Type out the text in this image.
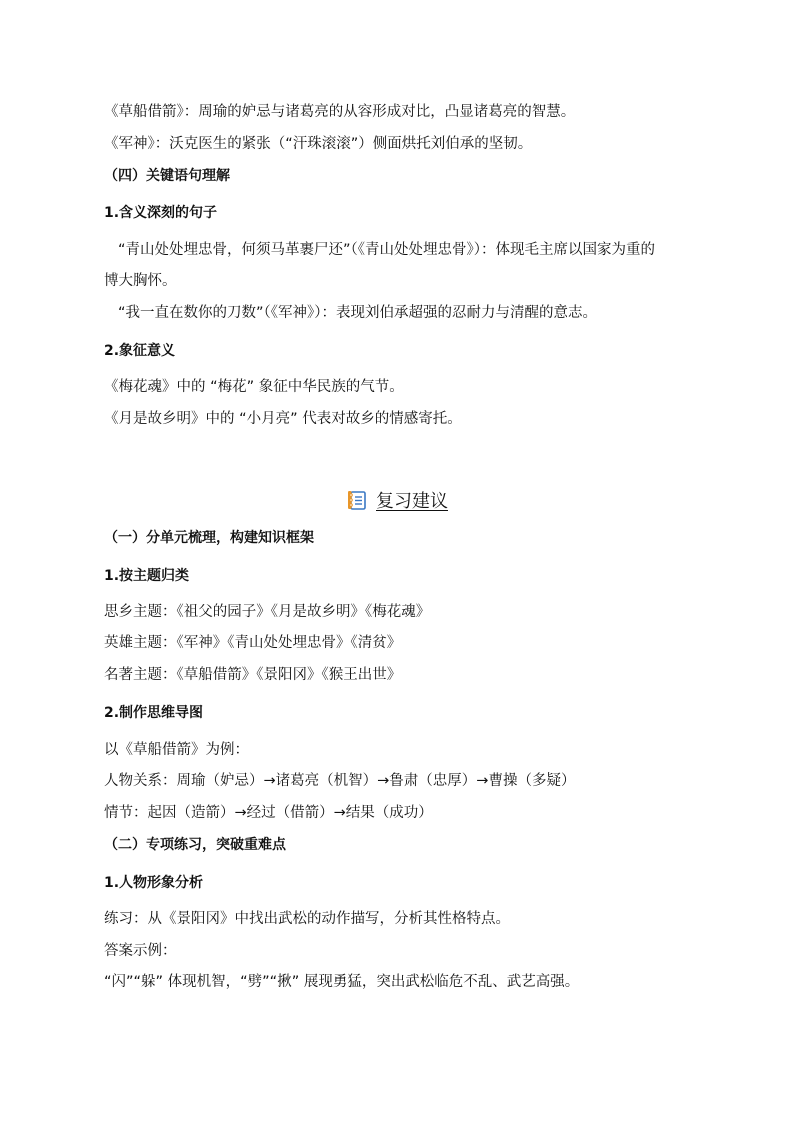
《草船借箭》：周瑜的妒忌与诸葛亮的从容形成对比，凸显诸葛亮的智慧。
《军神》：沃克医生的紧张（“汗珠滚滚”）侧面烘托刘伯承的坚韧。
（四）关键语句理解
1.含义深刻的句子
“青山处处埋忠骨，何须马革裹尸还”（《青山处处埋忠骨》）：体现毛主席以国家为重的
博大胸怀。
“我一直在数你的刀数”（《军神》）：表现刘伯承超强的忍耐力与清醒的意志。
2.象征意义
《梅花魂》中的 “梅花” 象征中华民族的气节。
《月是故乡明》中的 “小月亮” 代表对故乡的情感寄托。
复习建议
（一）分单元梳理，构建知识框架
1.按主题归类
思乡主题：《祖父的园子》《月是故乡明》《梅花魂》
英雄主题：《军神》《青山处处埋忠骨》《清贫》
名著主题：《草船借箭》《景阳冈》《猴王出世》
2.制作思维导图
以《草船借箭》为例：
人物关系：周瑜（妒忌）→诸葛亮（机智）→鲁肃（忠厚）→曹操（多疑）
情节：起因（造箭）→经过（借箭）→结果（成功）
（二）专项练习，突破重难点
1.人物形象分析
练习：从《景阳冈》中找出武松的动作描写，分析其性格特点。
答案示例：
“闪”“躲” 体现机智，“劈”“揪” 展现勇猛，突出武松临危不乱、武艺高强。
